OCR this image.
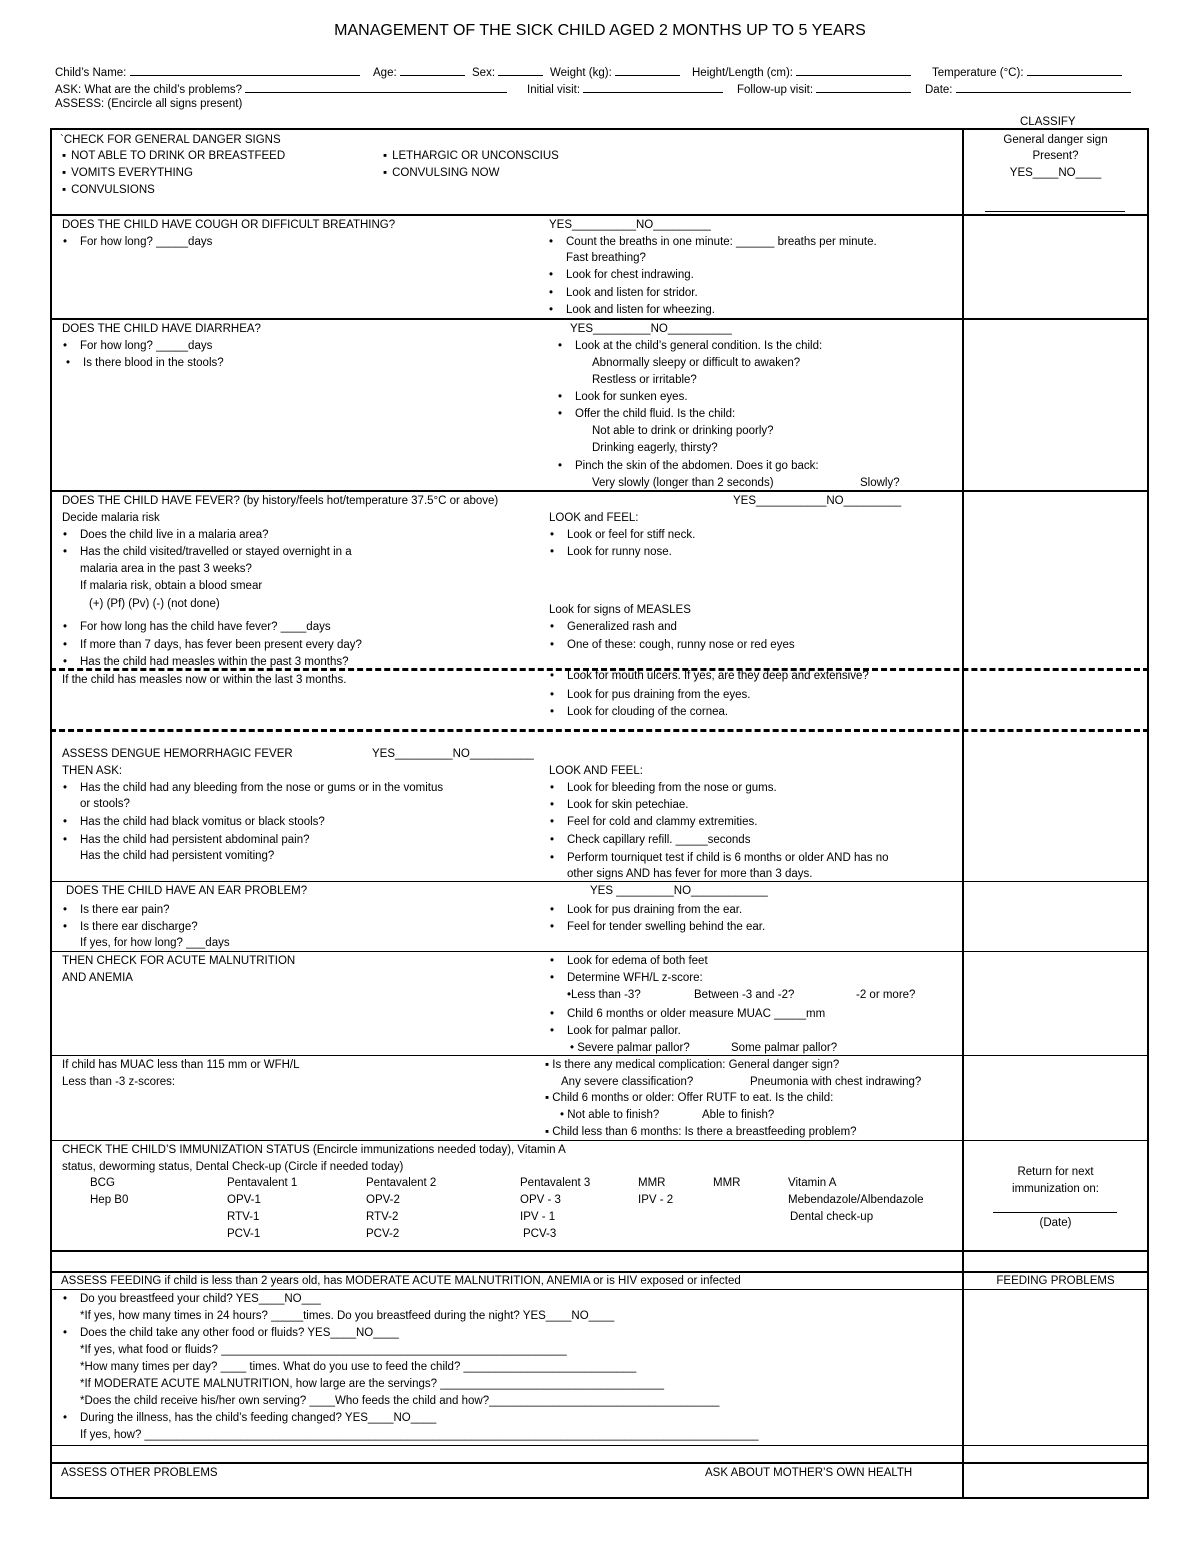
MANAGEMENT OF THE SICK CHILD AGED 2 MONTHS UP TO 5 YEARS
Child’s Name:	Age:	Sex:	Weight (kg):	Height/Length (cm):	Temperature (°C):
ASK: What are the child’s problems?	Initial visit:	Follow-up visit:	Date:
ASSESS: (Encircle all signs present)
CLASSIFY
`CHECK FOR GENERAL DANGER SIGNS
▪ NOT ABLE TO DRINK OR BREASTFEED
▪ VOMITS EVERYTHING
▪ CONVULSIONS
▪ LETHARGIC OR UNCONSCIUS
▪ CONVULSING NOW
General danger sign
Present?
YES____NO____
DOES THE CHILD HAVE COUGH OR DIFFICULT BREATHING?
• For how long? _____days
YES__________NO_________
• Count the breaths in one minute: ______ breaths per minute.
Fast breathing?
• Look for chest indrawing.
• Look and listen for stridor.
• Look and listen for wheezing.
DOES THE CHILD HAVE DIARRHEA?
• For how long? _____days
• Is there blood in the stools?
YES_________NO__________
• Look at the child’s general condition. Is the child:
Abnormally sleepy or difficult to awaken?
Restless or irritable?
• Look for sunken eyes.
• Offer the child fluid. Is the child:
Not able to drink or drinking poorly?
Drinking eagerly, thirsty?
• Pinch the skin of the abdomen. Does it go back:
Very slowly (longer than 2 seconds)	Slowly?
DOES THE CHILD HAVE FEVER? (by history/feels hot/temperature 37.5°C or above)	YES___________NO_________
Decide malaria risk
• Does the child live in a malaria area?
• Has the child visited/travelled or stayed overnight in a
malaria area in the past 3 weeks?
If malaria risk, obtain a blood smear
(+) (Pf) (Pv) (-) (not done)
• For how long has the child have fever? ____days
• If more than 7 days, has fever been present every day?
• Has the child had measles within the past 3 months?
LOOK and FEEL:
• Look or feel for stiff neck.
• Look for runny nose.
Look for signs of MEASLES
• Generalized rash and
• One of these: cough, runny nose or red eyes
If the child has measles now or within the last 3 months.
•	Look for mouth ulcers. If yes, are they deep and extensive?
• Look for pus draining from the eyes.
• Look for clouding of the cornea.
ASSESS DENGUE HEMORRHAGIC FEVER	YES_________NO__________
THEN ASK:
• Has the child had any bleeding from the nose or gums or in the vomitus
or stools?
• Has the child had black vomitus or black stools?
• Has the child had persistent abdominal pain?
Has the child had persistent vomiting?
LOOK AND FEEL:
• Look for bleeding from the nose or gums.
• Look for skin petechiae.
• Feel for cold and clammy extremities.
• Check capillary refill. _____seconds
• Perform tourniquet test if child is 6 months or older AND has no
other signs AND has fever for more than 3 days.
DOES THE CHILD HAVE AN EAR PROBLEM?	YES _________NO____________
• Is there ear pain?
• Is there ear discharge?
If yes, for how long? ___days
• Look for pus draining from the ear.
• Feel for tender swelling behind the ear.
THEN CHECK FOR ACUTE MALNUTRITION
AND ANEMIA
• Look for edema of both feet
• Determine WFH/L z-score:
•Less than -3?	Between -3 and -2?	-2 or more?
• Child 6 months or older measure MUAC _____mm
• Look for palmar pallor.
• Severe palmar pallor?	Some palmar pallor?
If child has MUAC less than 115 mm or WFH/L
Less than -3 z-scores:
▪ Is there any medical complication: General danger sign?
Any severe classification?	Pneumonia with chest indrawing?
▪ Child 6 months or older: Offer RUTF to eat. Is the child:
• Not able to finish?	Able to finish?
▪ Child less than 6 months: Is there a breastfeeding problem?
CHECK THE CHILD’S IMMUNIZATION STATUS (Encircle immunizations needed today), Vitamin A
status, deworming status, Dental Check-up (Circle if needed today)
BCG	Pentavalent 1	Pentavalent 2	Pentavalent 3	MMR	MMR	Vitamin A
Hep B0	OPV-1	OPV-2	OPV - 3	IPV - 2	Mebendazole/Albendazole
RTV-1	RTV-2	IPV - 1	Dental check-up
PCV-1	PCV-2	PCV-3
Return for next
immunization on:
(Date)
ASSESS FEEDING if child is less than 2 years old, has MODERATE ACUTE MALNUTRITION, ANEMIA or is HIV exposed or infected	FEEDING PROBLEMS
• Do you breastfeed your child? YES____NO___
*If yes, how many times in 24 hours? _____times. Do you breastfeed during the night? YES____NO____
• Does the child take any other food or fluids? YES____NO____
*If yes, what food or fluids? ______________________________________________________
*How many times per day? ____ times. What do you use to feed the child? ___________________________
*If MODERATE ACUTE MALNUTRITION, how large are the servings? ___________________________________
*Does the child receive his/her own serving? ____Who feeds the child and how?____________________________________
• During the illness, has the child’s feeding changed? YES____NO____
If yes, how? ________________________________________________________________________________________________
ASSESS OTHER PROBLEMS	ASK ABOUT MOTHER’S OWN HEALTH
